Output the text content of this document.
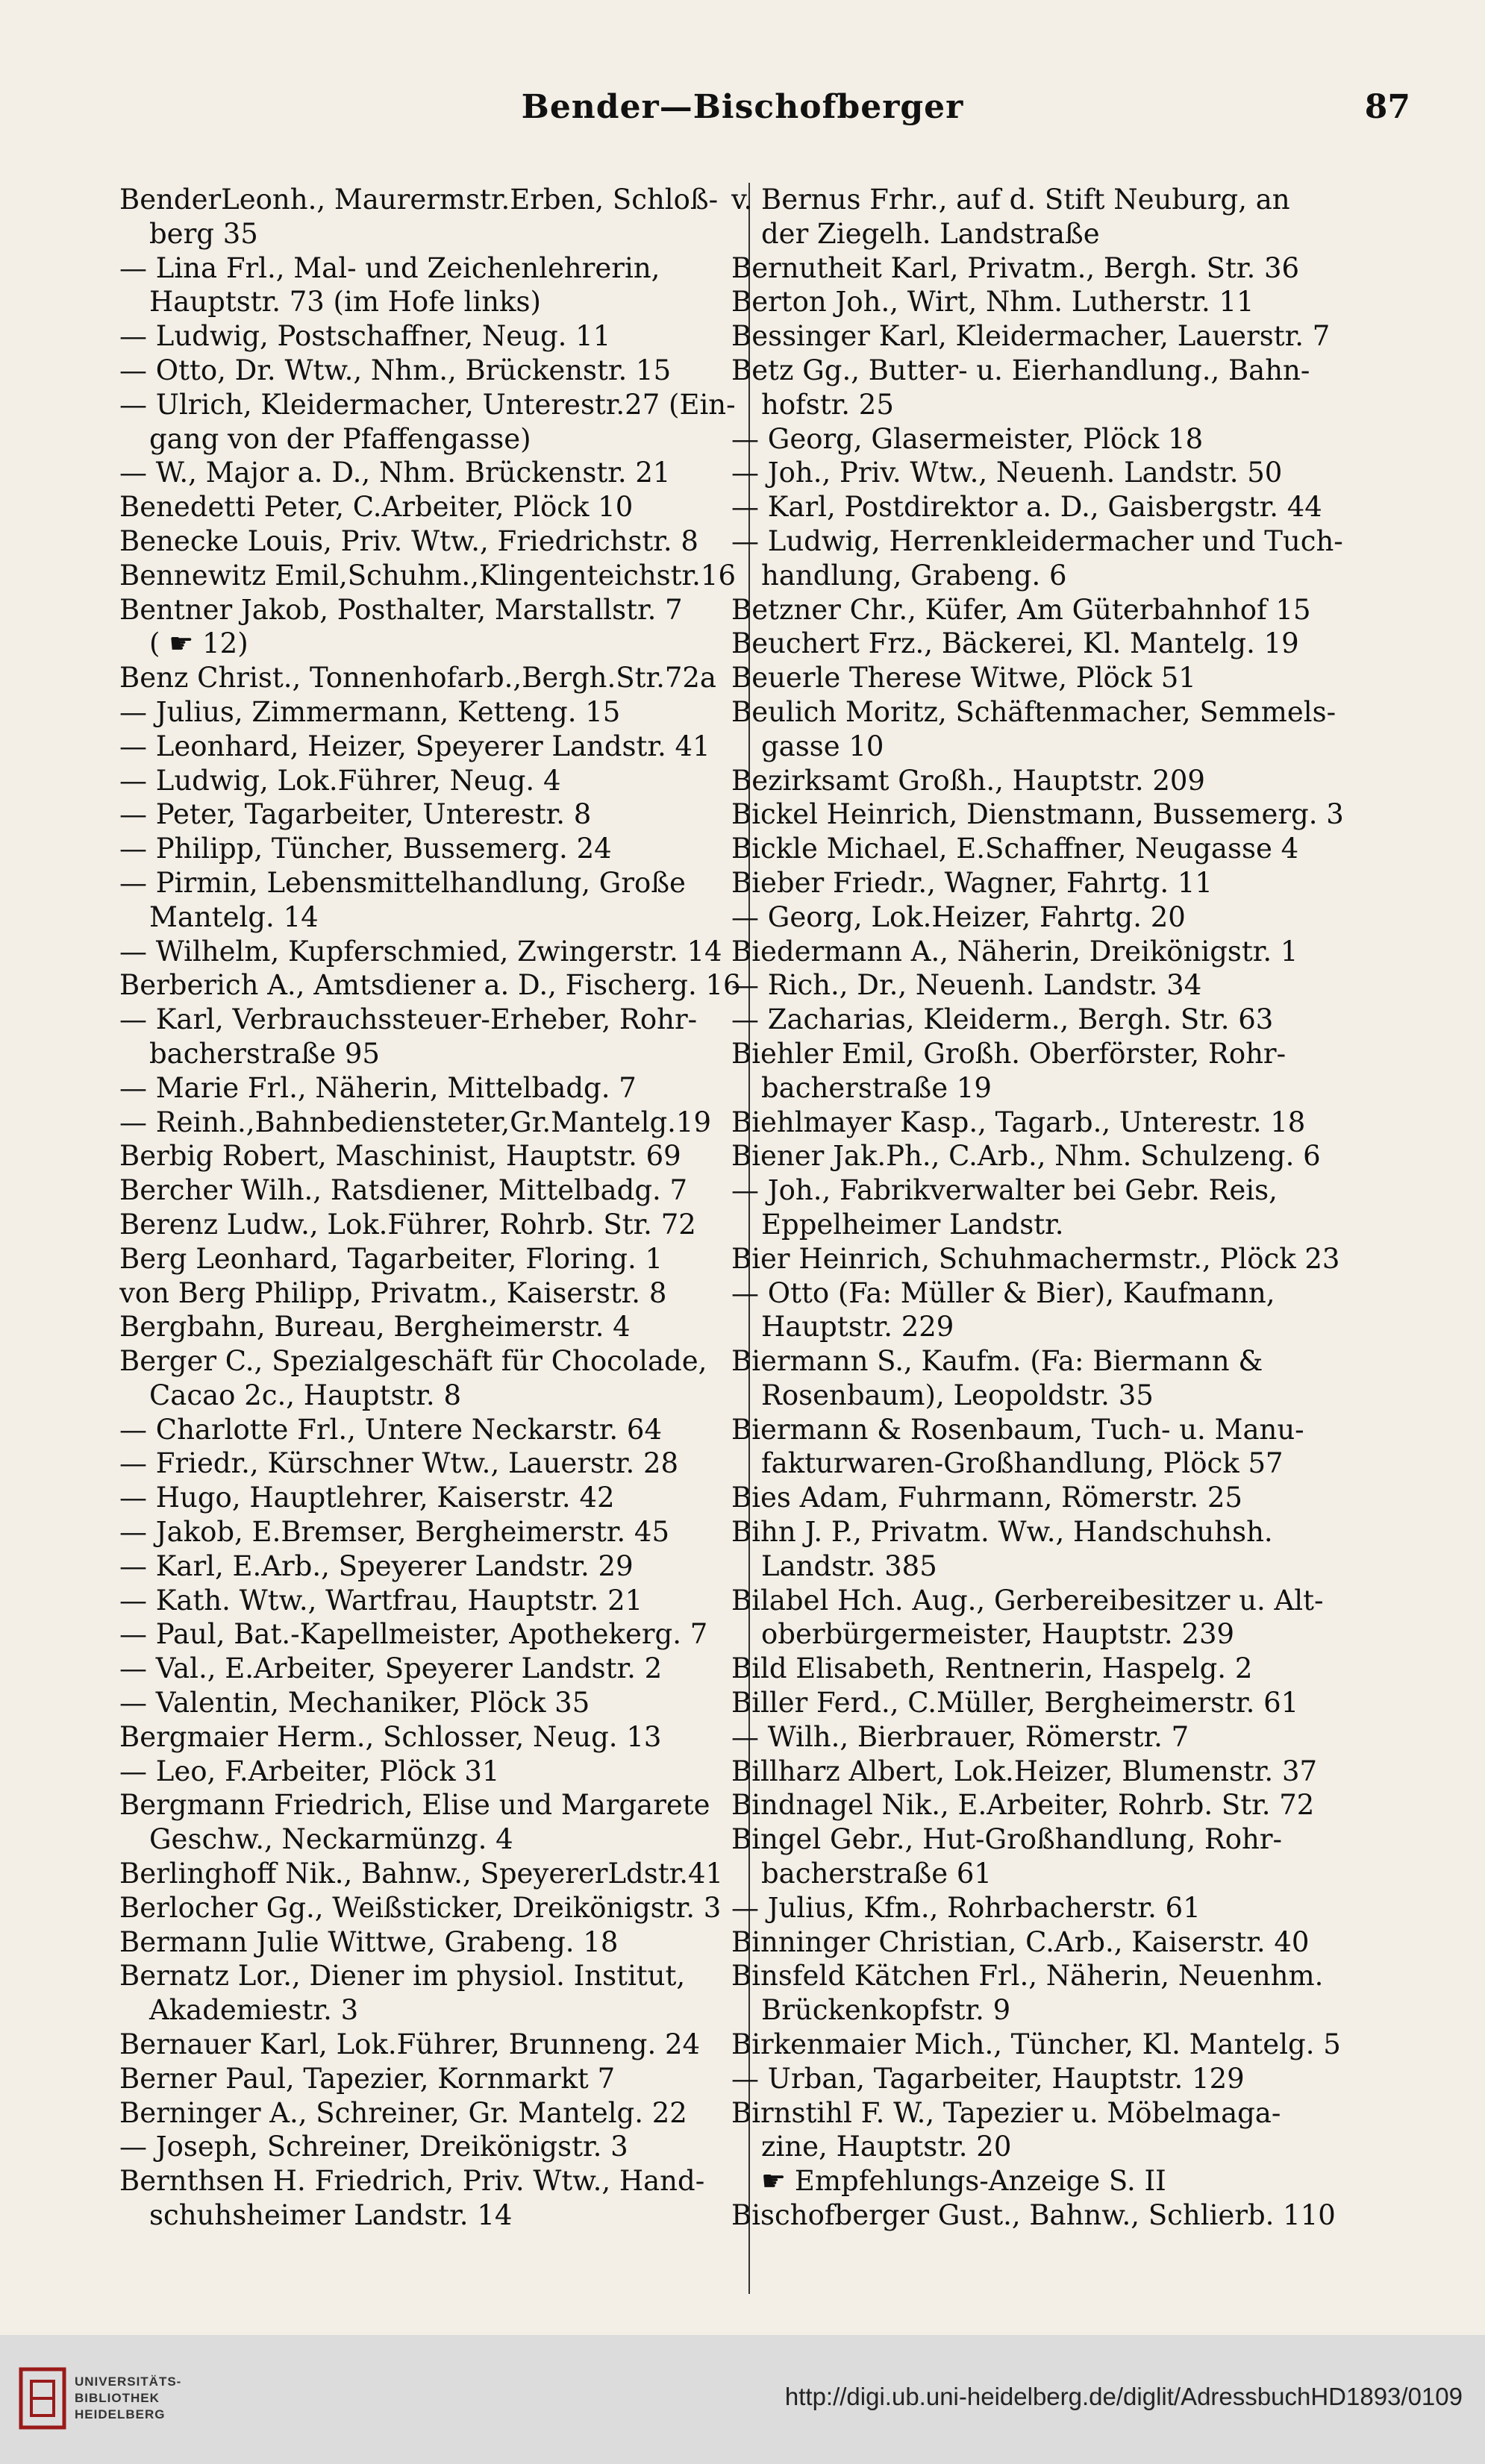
Bender—Bischofberger	87
BenderLeonh., Maurermstr.Erben, Schloß-
berg 35
— Lina Frl., Mal- und Zeichenlehrerin,
Hauptstr. 73 (im Hofe links)
— Ludwig, Postschaffner, Neug. 11
— Otto, Dr. Wtw., Nhm., Brückenstr. 15
— Ulrich, Kleidermacher, Unterestr.27 (Ein-
gang von der Pfaffengasse)
— W., Major a. D., Nhm. Brückenstr. 21
Benedetti Peter, C.Arbeiter, Plöck 10
Benecke Louis, Priv. Wtw., Friedrichstr. 8
Bennewitz Emil,Schuhm.,Klingenteichstr.16
Bentner Jakob, Posthalter, Marstallstr. 7
( ☛ 12)
Benz Christ., Tonnenhofarb.,Bergh.Str.72a
— Julius, Zimmermann, Ketteng. 15
— Leonhard, Heizer, Speyerer Landstr. 41
— Ludwig, Lok.Führer, Neug. 4
— Peter, Tagarbeiter, Unterestr. 8
— Philipp, Tüncher, Bussemerg. 24
— Pirmin, Lebensmittelhandlung, Große
Mantelg. 14
— Wilhelm, Kupferschmied, Zwingerstr. 14
Berberich A., Amtsdiener a. D., Fischerg. 16
— Karl, Verbrauchssteuer-Erheber, Rohr-
bacherstraße 95
— Marie Frl., Näherin, Mittelbadg. 7
— Reinh.,Bahnbediensteter,Gr.Mantelg.19
Berbig Robert, Maschinist, Hauptstr. 69
Bercher Wilh., Ratsdiener, Mittelbadg. 7
Berenz Ludw., Lok.Führer, Rohrb. Str. 72
Berg Leonhard, Tagarbeiter, Floring. 1
von Berg Philipp, Privatm., Kaiserstr. 8
Bergbahn, Bureau, Bergheimerstr. 4
Berger C., Spezialgeschäft für Chocolade,
Cacao 2c., Hauptstr. 8
— Charlotte Frl., Untere Neckarstr. 64
— Friedr., Kürschner Wtw., Lauerstr. 28
— Hugo, Hauptlehrer, Kaiserstr. 42
— Jakob, E.Bremser, Bergheimerstr. 45
— Karl, E.Arb., Speyerer Landstr. 29
— Kath. Wtw., Wartfrau, Hauptstr. 21
— Paul, Bat.-Kapellmeister, Apothekerg. 7
— Val., E.Arbeiter, Speyerer Landstr. 2
— Valentin, Mechaniker, Plöck 35
Bergmaier Herm., Schlosser, Neug. 13
— Leo, F.Arbeiter, Plöck 31
Bergmann Friedrich, Elise und Margarete
Geschw., Neckarmünzg. 4
Berlinghoff Nik., Bahnw., SpeyererLdstr.41
Berlocher Gg., Weißsticker, Dreikönigstr. 3
Bermann Julie Wittwe, Grabeng. 18
Bernatz Lor., Diener im physiol. Institut,
Akademiestr. 3
Bernauer Karl, Lok.Führer, Brunneng. 24
Berner Paul, Tapezier, Kornmarkt 7
Berninger A., Schreiner, Gr. Mantelg. 22
— Joseph, Schreiner, Dreikönigstr. 3
Bernthsen H. Friedrich, Priv. Wtw., Hand-
schuhsheimer Landstr. 14
v. Bernus Frhr., auf d. Stift Neuburg, an
der Ziegelh. Landstraße
Bernutheit Karl, Privatm., Bergh. Str. 36
Berton Joh., Wirt, Nhm. Lutherstr. 11
Bessinger Karl, Kleidermacher, Lauerstr. 7
Betz Gg., Butter- u. Eierhandlung., Bahn-
hofstr. 25
— Georg, Glasermeister, Plöck 18
— Joh., Priv. Wtw., Neuenh. Landstr. 50
— Karl, Postdirektor a. D., Gaisbergstr. 44
— Ludwig, Herrenkleidermacher und Tuch-
handlung, Grabeng. 6
Betzner Chr., Küfer, Am Güterbahnhof 15
Beuchert Frz., Bäckerei, Kl. Mantelg. 19
Beuerle Therese Witwe, Plöck 51
Beulich Moritz, Schäftenmacher, Semmels-
gasse 10
Bezirksamt Großh., Hauptstr. 209
Bickel Heinrich, Dienstmann, Bussemerg. 3
Bickle Michael, E.Schaffner, Neugasse 4
Bieber Friedr., Wagner, Fahrtg. 11
— Georg, Lok.Heizer, Fahrtg. 20
Biedermann A., Näherin, Dreikönigstr. 1
— Rich., Dr., Neuenh. Landstr. 34
— Zacharias, Kleiderm., Bergh. Str. 63
Biehler Emil, Großh. Oberförster, Rohr-
bacherstraße 19
Biehlmayer Kasp., Tagarb., Unterestr. 18
Biener Jak.Ph., C.Arb., Nhm. Schulzeng. 6
— Joh., Fabrikverwalter bei Gebr. Reis,
Eppelheimer Landstr.
Bier Heinrich, Schuhmachermstr., Plöck 23
— Otto (Fa: Müller & Bier), Kaufmann,
Hauptstr. 229
Biermann S., Kaufm. (Fa: Biermann &
Rosenbaum), Leopoldstr. 35
Biermann & Rosenbaum, Tuch- u. Manu-
fakturwaren-Großhandlung, Plöck 57
Bies Adam, Fuhrmann, Römerstr. 25
Bihn J. P., Privatm. Ww., Handschuhsh.
Landstr. 385
Bilabel Hch. Aug., Gerbereibesitzer u. Alt-
oberbürgermeister, Hauptstr. 239
Bild Elisabeth, Rentnerin, Haspelg. 2
Biller Ferd., C.Müller, Bergheimerstr. 61
— Wilh., Bierbrauer, Römerstr. 7
Billharz Albert, Lok.Heizer, Blumenstr. 37
Bindnagel Nik., E.Arbeiter, Rohrb. Str. 72
Bingel Gebr., Hut-Großhandlung, Rohr-
bacherstraße 61
— Julius, Kfm., Rohrbacherstr. 61
Binninger Christian, C.Arb., Kaiserstr. 40
Binsfeld Kätchen Frl., Näherin, Neuenhm.
Brückenkopfstr. 9
Birkenmaier Mich., Tüncher, Kl. Mantelg. 5
— Urban, Tagarbeiter, Hauptstr. 129
Birnstihl F. W., Tapezier u. Möbelmaga-
zine, Hauptstr. 20
☛ Empfehlungs-Anzeige S. II
Bischofberger Gust., Bahnw., Schlierb. 110
UNIVERSITÄTS-
BIBLIOTHEK
HEIDELBERG
http://digi.ub.uni-heidelberg.de/diglit/AdressbuchHD1893/0109
